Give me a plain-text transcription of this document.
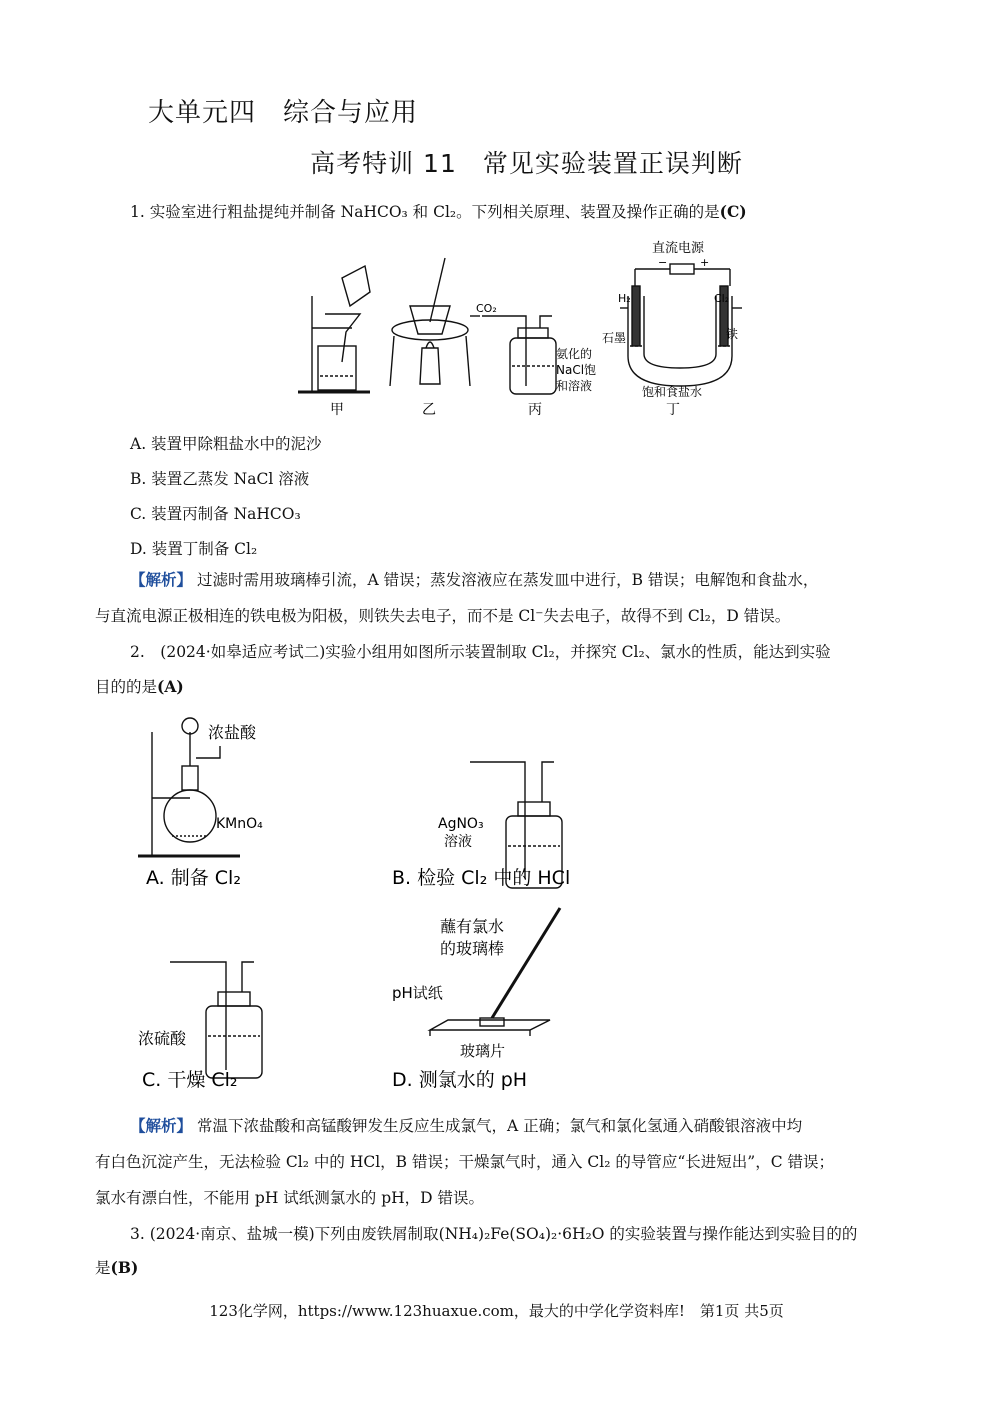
大单元四　综合与应用
高考特训 11　常见实验装置正误判断
1. 实验室进行粗盐提纯并制备 NaHCO₃ 和 Cl₂。下列相关原理、装置及操作正确的是(C)
甲	乙	丙	丁
CO₂
氨化的
NaCl饱
和溶液
直流电源
−	+
H₂	Cl₂
石墨	铁
饱和食盐水
A. 装置甲除粗盐水中的泥沙
B. 装置乙蒸发 NaCl 溶液
C. 装置丙制备 NaHCO₃
D. 装置丁制备 Cl₂
【解析】 过滤时需用玻璃棒引流，A 错误；蒸发溶液应在蒸发皿中进行，B 错误；电解饱和食盐水，
与直流电源正极相连的铁电极为阳极，则铁失去电子，而不是 Cl⁻失去电子，故得不到 Cl₂，D 错误。
2.　(2024·如皋适应考试二)实验小组用如图所示装置制取 Cl₂，并探究 Cl₂、氯水的性质，能达到实验
目的的是(A)
浓盐酸
KMnO₄
A. 制备 Cl₂
AgNO₃
溶液
B. 检验 Cl₂ 中的 HCl
浓硫酸
C. 干燥 Cl₂
蘸有氯水
的玻璃棒
pH试纸
玻璃片
D. 测氯水的 pH
【解析】 常温下浓盐酸和高锰酸钾发生反应生成氯气，A 正确；氯气和氯化氢通入硝酸银溶液中均
有白色沉淀产生，无法检验 Cl₂ 中的 HCl，B 错误；干燥氯气时，通入 Cl₂ 的导管应“长进短出”，C 错误；
氯水有漂白性，不能用 pH 试纸测氯水的 pH，D 错误。
3. (2024·南京、盐城一模)下列由废铁屑制取(NH₄)₂Fe(SO₄)₂·6H₂O 的实验装置与操作能达到实验目的的
是(B)
123化学网，https://www.123huaxue.com，最大的中学化学资料库!　第1页 共5页
